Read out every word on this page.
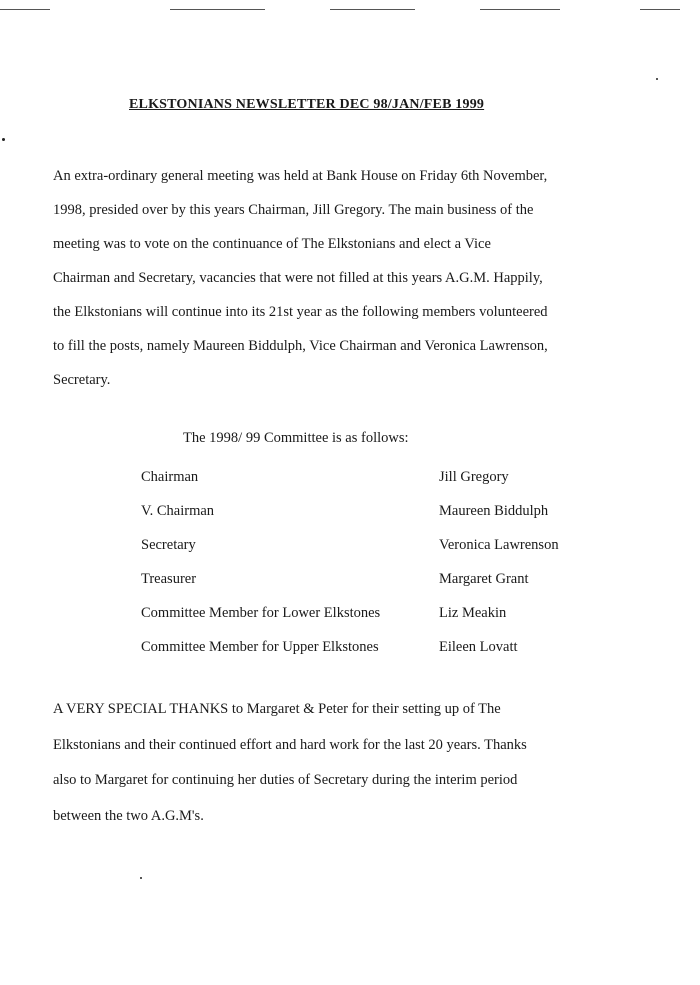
ELKSTONIANS NEWSLETTER DEC 98/JAN/FEB 1999

An extra-ordinary general meeting was held at Bank House on Friday 6th November,
1998, presided over by this years Chairman, Jill Gregory. The main business of the
meeting was to vote on the continuance of The Elkstonians and elect a Vice
Chairman and Secretary, vacancies that were not filled at this years A.G.M. Happily,
the Elkstonians will continue into its 21st year as the following members volunteered
to fill the posts, namely Maureen Biddulph, Vice Chairman and Veronica Lawrenson,
Secretary.

The 1998/ 99 Committee is as follows:
Chairman	Jill Gregory
V. Chairman	Maureen Biddulph
Secretary	Veronica Lawrenson
Treasurer	Margaret Grant
Committee Member for Lower Elkstones	Liz Meakin
Committee Member for Upper Elkstones	Eileen Lovatt

A VERY SPECIAL THANKS to Margaret & Peter for their setting up of The
Elkstonians and their continued effort and hard work for the last 20 years. Thanks
also to Margaret for continuing her duties of Secretary during the interim period
between the two A.G.M's.
